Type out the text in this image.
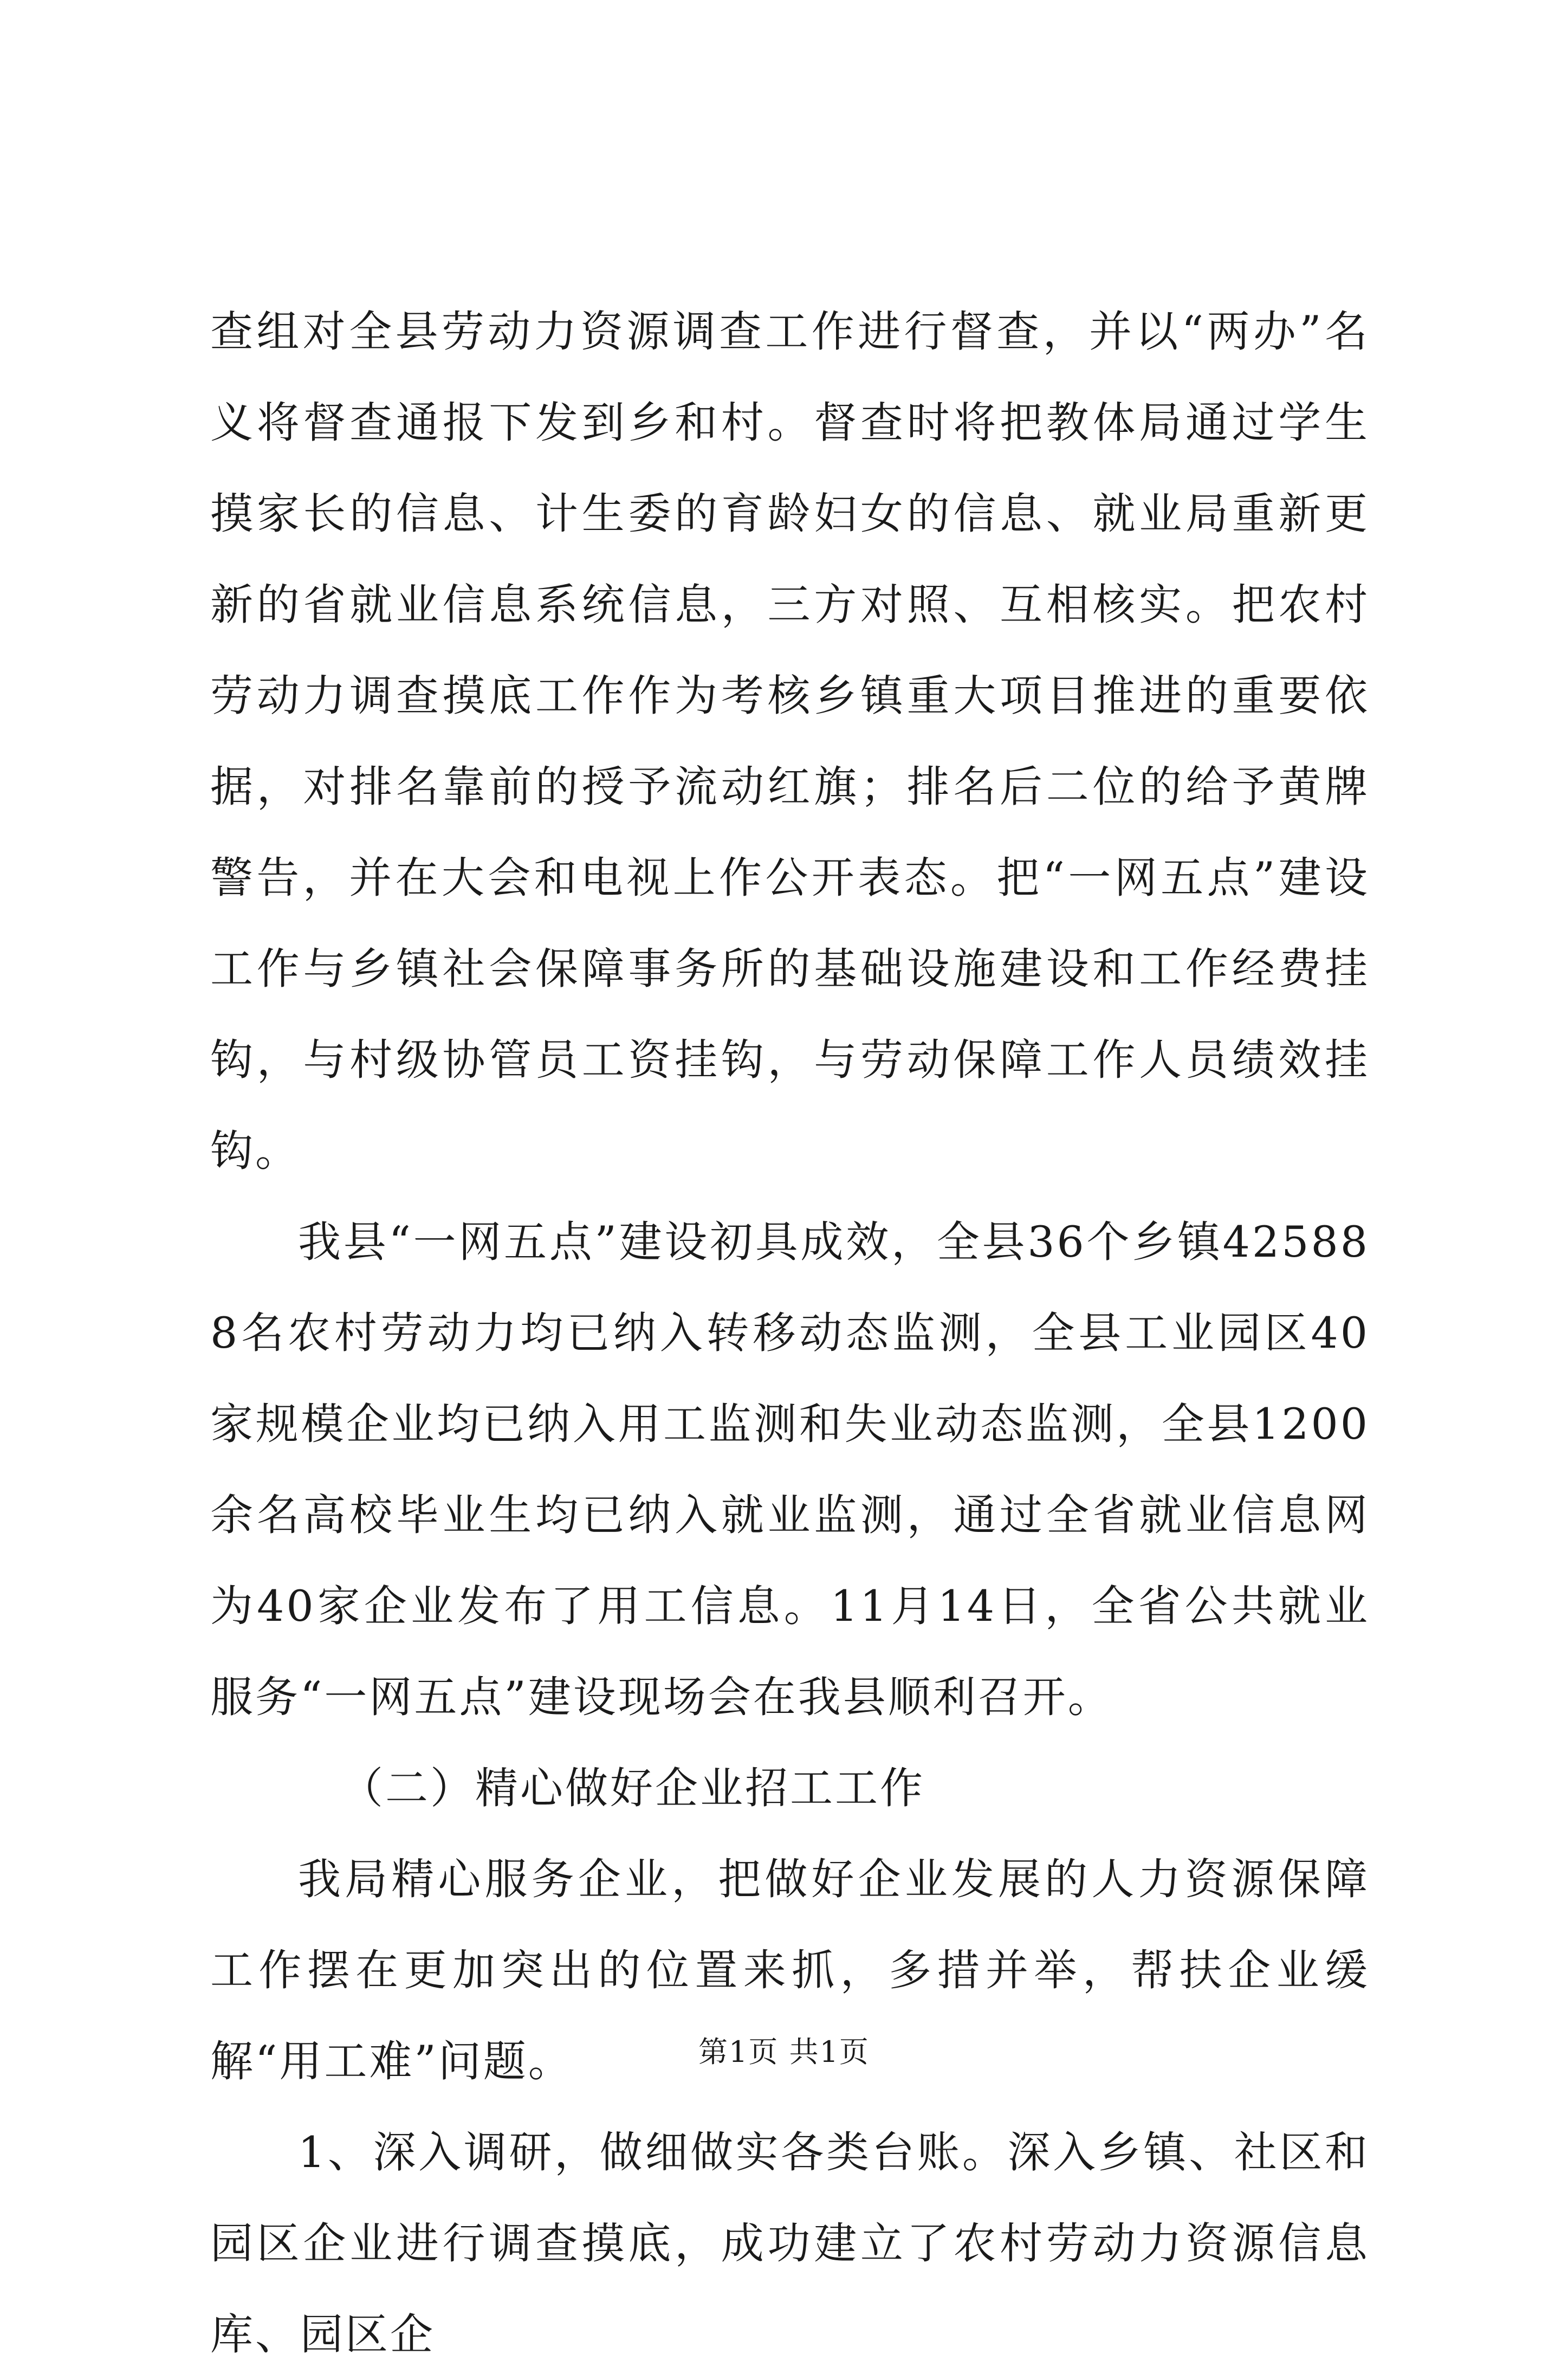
查组对全县劳动力资源调查工作进行督查，并以“两办”名义将督查通报下发到乡和村。督查时将把教体局通过学生摸家长的信息、计生委的育龄妇女的信息、就业局重新更新的省就业信息系统信息，三方对照、互相核实。把农村劳动力调查摸底工作作为考核乡镇重大项目推进的重要依据，对排名靠前的授予流动红旗；排名后二位的给予黄牌警告，并在大会和电视上作公开表态。把“一网五点”建设工作与乡镇社会保障事务所的基础设施建设和工作经费挂钩，与村级协管员工资挂钩，与劳动保障工作人员绩效挂钩。

我县“一网五点”建设初具成效，全县36个乡镇425888名农村劳动力均已纳入转移动态监测，全县工业园区40家规模企业均已纳入用工监测和失业动态监测，全县1200余名高校毕业生均已纳入就业监测，通过全省就业信息网为40家企业发布了用工信息。11月14日，全省公共就业服务“一网五点”建设现场会在我县顺利召开。

（二）精心做好企业招工工作

我局精心服务企业，把做好企业发展的人力资源保障工作摆在更加突出的位置来抓，多措并举，帮扶企业缓解“用工难”问题。

1、深入调研，做细做实各类台账。深入乡镇、社区和园区企业进行调查摸底，成功建立了农村劳动力资源信息库、园区企

第1页 共1页
